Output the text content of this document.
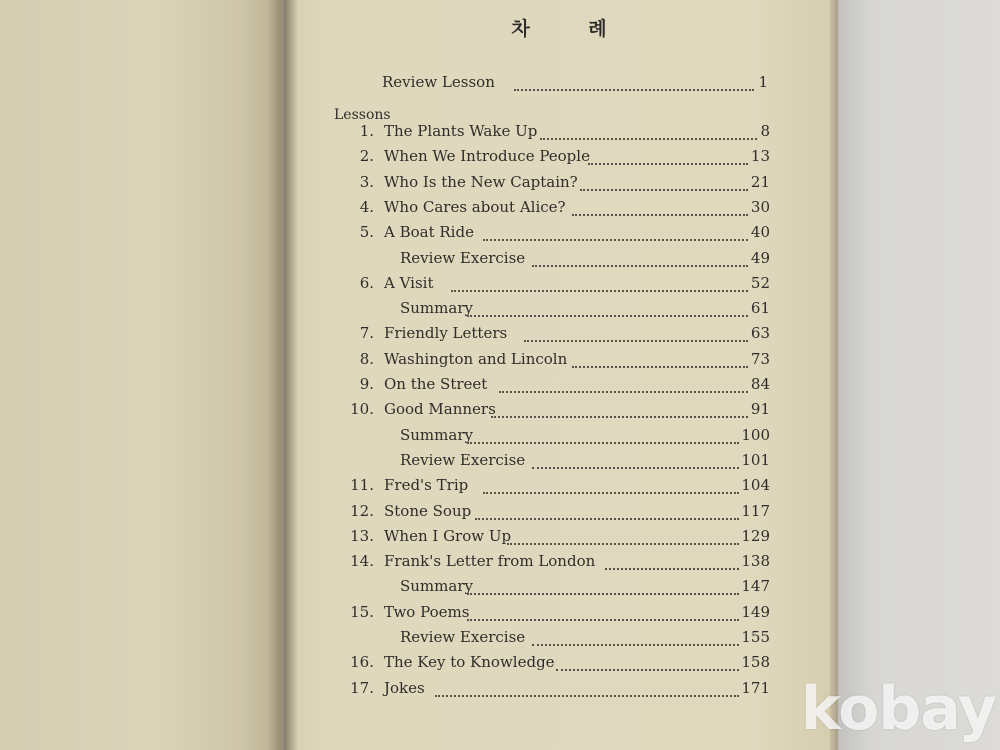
차 례
Review Lesson	1
Lessons
1. The Plants Wake Up	8
2. When We Introduce People	13
3. Who Is the New Captain?	21
4. Who Cares about Alice?	30
5. A Boat Ride	40
Review Exercise	49
6. A Visit	52
Summary	61
7. Friendly Letters	63
8. Washington and Lincoln	73
9. On the Street	84
10. Good Manners	91
Summary	100
Review Exercise	101
11. Fred's Trip	104
12. Stone Soup	117
13. When I Grow Up	129
14. Frank's Letter from London	138
Summary	147
15. Two Poems	149
Review Exercise	155
16. The Key to Knowledge	158
17. Jokes	171 kobay
